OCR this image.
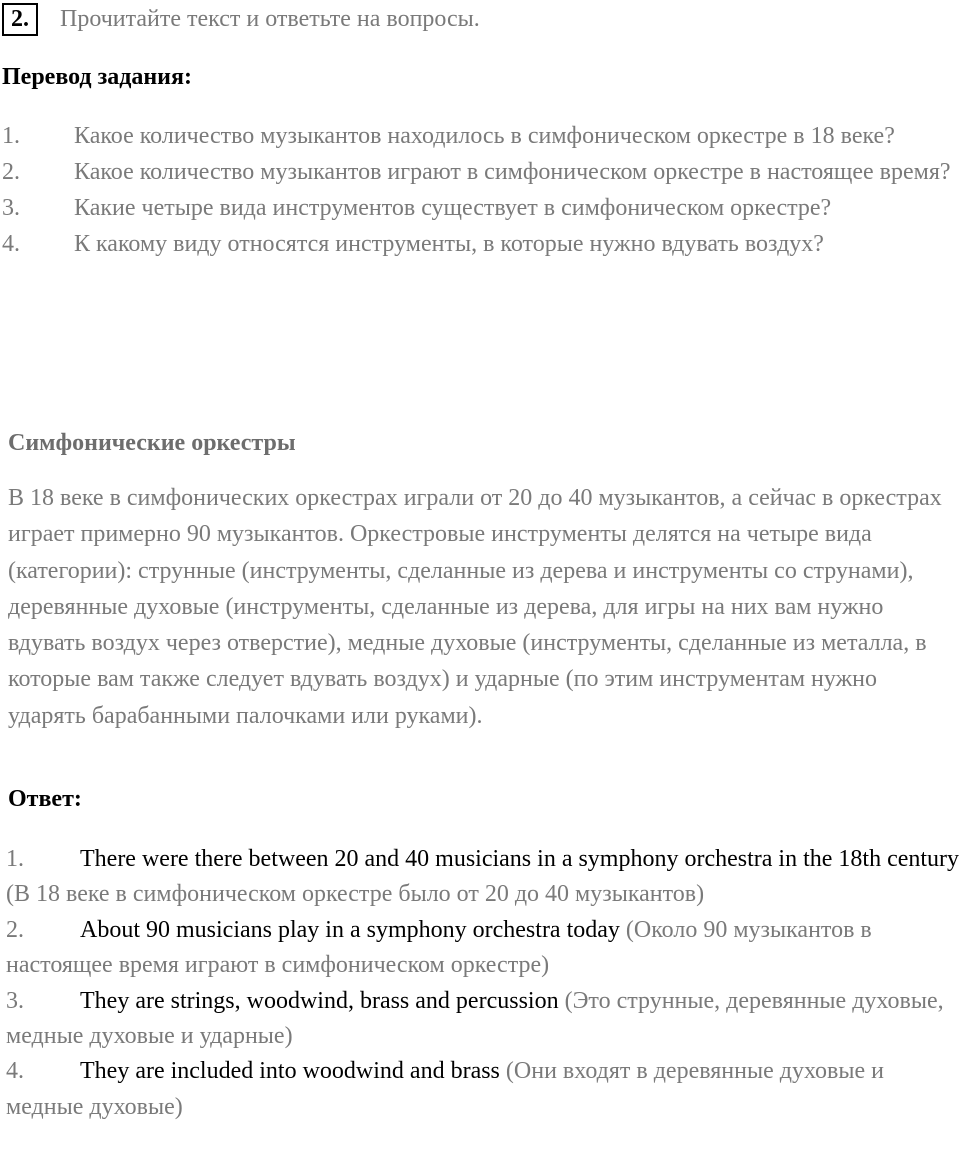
2.	Прочитайте текст и ответьте на вопросы.
Перевод задания:
1. Какое количество музыкантов находилось в симфоническом оркестре в 18 веке?
2. Какое количество музыкантов играют в симфоническом оркестре в настоящее время?
3. Какие четыре вида инструментов существует в симфоническом оркестре?
4. К какому виду относятся инструменты, в которые нужно вдувать воздух?
Симфонические оркестры

В 18 веке в симфонических оркестрах играли от 20 до 40 музыкантов, а сейчас в оркестрах играет примерно 90 музыкантов. Оркестровые инструменты делятся на четыре вида (категории): струнные (инструменты, сделанные из дерева и инструменты со струнами), деревянные духовые (инструменты, сделанные из дерева, для игры на них вам нужно вдувать воздух через отверстие), медные духовые (инструменты, сделанные из металла, в которые вам также следует вдувать воздух) и ударные (по этим инструментам нужно ударять барабанными палочками или руками).

Ответ:
1. There were there between 20 and 40 musicians in a symphony orchestra in the 18th century (В 18 веке в симфоническом оркестре было от 20 до 40 музыкантов)
2. About 90 musicians play in a symphony orchestra today (Около 90 музыкантов в настоящее время играют в симфоническом оркестре)
3. They are strings, woodwind, brass and percussion (Это струнные, деревянные духовые, медные духовые и ударные)
4. They are included into woodwind and brass (Они входят в деревянные духовые и медные духовые)
